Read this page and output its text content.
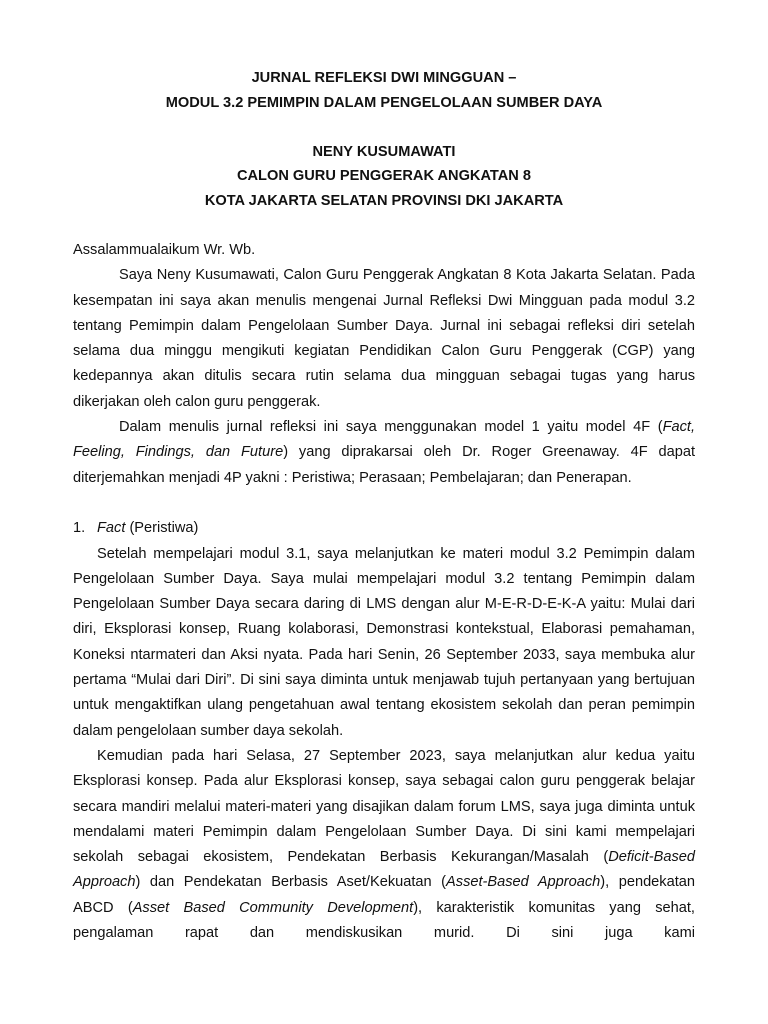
JURNAL REFLEKSI DWI MINGGUAN –
MODUL 3.2 PEMIMPIN DALAM PENGELOLAAN SUMBER DAYA
NENY KUSUMAWATI
CALON GURU PENGGERAK ANGKATAN 8
KOTA JAKARTA SELATAN PROVINSI DKI JAKARTA

Assalammualaikum Wr. Wb.

Saya Neny Kusumawati, Calon Guru Penggerak Angkatan 8 Kota Jakarta Selatan. Pada kesempatan ini saya akan menulis mengenai Jurnal Refleksi Dwi Mingguan pada modul 3.2 tentang Pemimpin dalam Pengelolaan Sumber Daya. Jurnal ini sebagai refleksi diri setelah selama dua minggu mengikuti kegiatan Pendidikan Calon Guru Penggerak (CGP) yang kedepannya akan ditulis secara rutin selama dua mingguan sebagai tugas yang harus dikerjakan oleh calon guru penggerak.

Dalam menulis jurnal refleksi ini saya menggunakan model 1 yaitu model 4F (Fact, Feeling, Findings, dan Future) yang diprakarsai oleh Dr. Roger Greenaway. 4F dapat diterjemahkan menjadi 4P yakni : Peristiwa; Perasaan; Pembelajaran; dan Penerapan.

1. Fact (Peristiwa)

Setelah mempelajari modul 3.1, saya melanjutkan ke materi modul 3.2 Pemimpin dalam Pengelolaan Sumber Daya. Saya mulai mempelajari modul 3.2 tentang Pemimpin dalam Pengelolaan Sumber Daya secara daring di LMS dengan alur M-E-R-D-E-K-A yaitu: Mulai dari diri, Eksplorasi konsep, Ruang kolaborasi, Demonstrasi kontekstual, Elaborasi pemahaman, Koneksi ntarmateri dan Aksi nyata. Pada hari Senin, 26 September 2033, saya membuka alur pertama “Mulai dari Diri”. Di sini saya diminta untuk menjawab tujuh pertanyaan yang bertujuan untuk mengaktifkan ulang pengetahuan awal tentang ekosistem sekolah dan peran pemimpin dalam pengelolaan sumber daya sekolah.

Kemudian pada hari Selasa, 27 September 2023, saya melanjutkan alur kedua yaitu Eksplorasi konsep. Pada alur Eksplorasi konsep, saya sebagai calon guru penggerak belajar secara mandiri melalui materi-materi yang disajikan dalam forum LMS, saya juga diminta untuk mendalami materi Pemimpin dalam Pengelolaan Sumber Daya. Di sini kami mempelajari sekolah sebagai ekosistem, Pendekatan Berbasis Kekurangan/Masalah (Deficit-Based Approach) dan Pendekatan Berbasis Aset/Kekuatan (Asset-Based Approach), pendekatan ABCD (Asset Based Community Development), karakteristik komunitas yang sehat, pengalaman rapat dan mendiskusikan murid. Di sini juga kami
